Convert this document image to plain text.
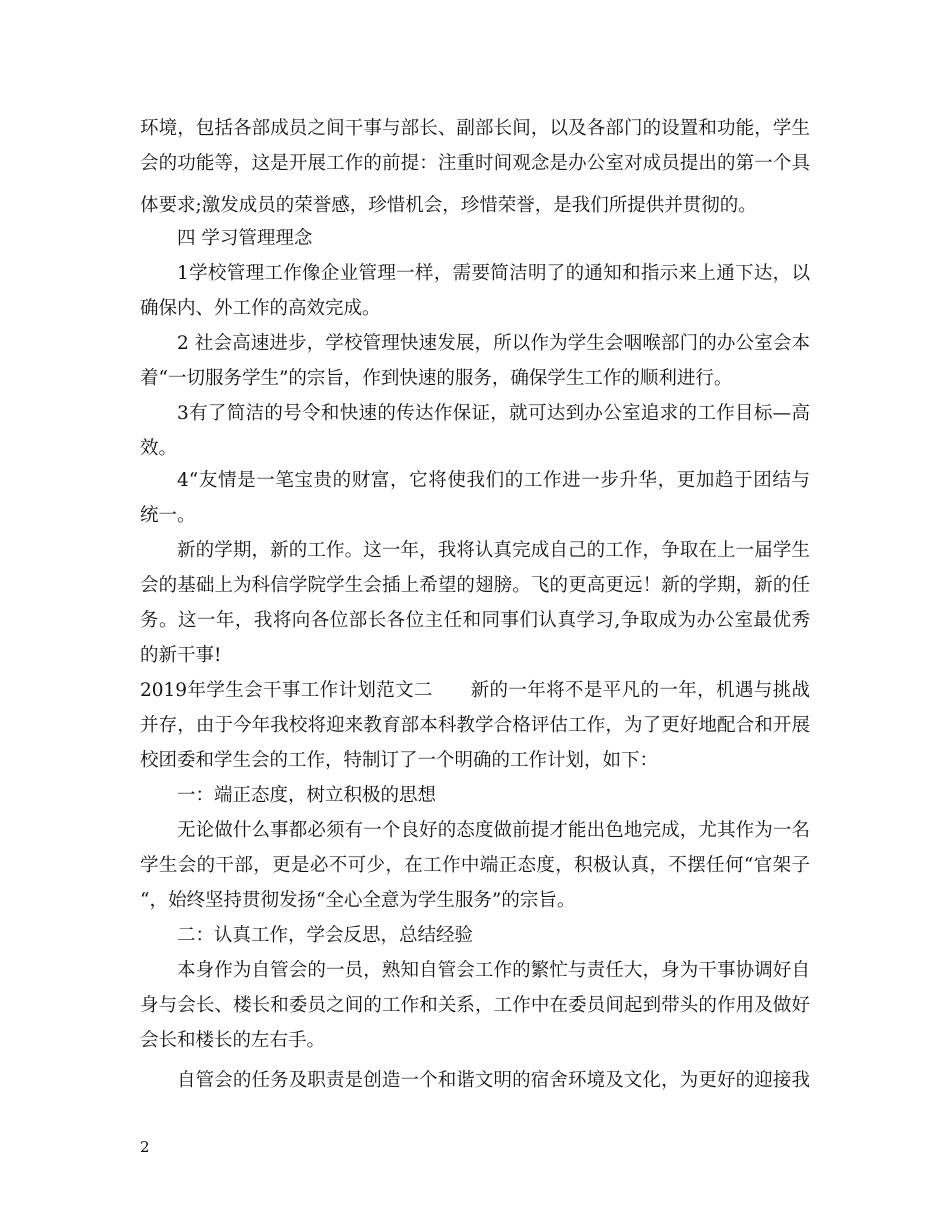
环境，包括各部成员之间干事与部长、副部长间，以及各部门的设置和功能，学生
会的功能等，这是开展工作的前提：注重时间观念是办公室对成员提出的第一个具
体要求;激发成员的荣誉感，珍惜机会，珍惜荣誉，是我们所提供并贯彻的。
四 学习管理理念
1学校管理工作像企业管理一样，需要简洁明了的通知和指示来上通下达，以
确保内、外工作的高效完成。
2 社会高速进步，学校管理快速发展，所以作为学生会咽喉部门的办公室会本
着“一切服务学生”的宗旨，作到快速的服务，确保学生工作的顺利进行。
3有了简洁的号令和快速的传达作保证，就可达到办公室追求的工作目标—高
效。
4“友情是一笔宝贵的财富，它将使我们的工作进一步升华，更加趋于团结与
统一。
新的学期，新的工作。这一年，我将认真完成自己的工作，争取在上一届学生
会的基础上为科信学院学生会插上希望的翅膀。飞的更高更远！新的学期，新的任
务。这一年，我将向各位部长各位主任和同事们认真学习,争取成为办公室最优秀
的新干事!
2019年学生会干事工作计划范文二　　新的一年将不是平凡的一年，机遇与挑战
并存，由于今年我校将迎来教育部本科教学合格评估工作，为了更好地配合和开展
校团委和学生会的工作，特制订了一个明确的工作计划，如下：
一：端正态度，树立积极的思想
无论做什么事都必须有一个良好的态度做前提才能出色地完成，尤其作为一名
学生会的干部，更是必不可少，在工作中端正态度，积极认真，不摆任何“官架子
“，始终坚持贯彻发扬“全心全意为学生服务”的宗旨。
二：认真工作，学会反思，总结经验
本身作为自管会的一员，熟知自管会工作的繁忙与责任大，身为干事协调好自
身与会长、楼长和委员之间的工作和关系，工作中在委员间起到带头的作用及做好
会长和楼长的左右手。
自管会的任务及职责是创造一个和谐文明的宿舍环境及文化，为更好的迎接我
2
